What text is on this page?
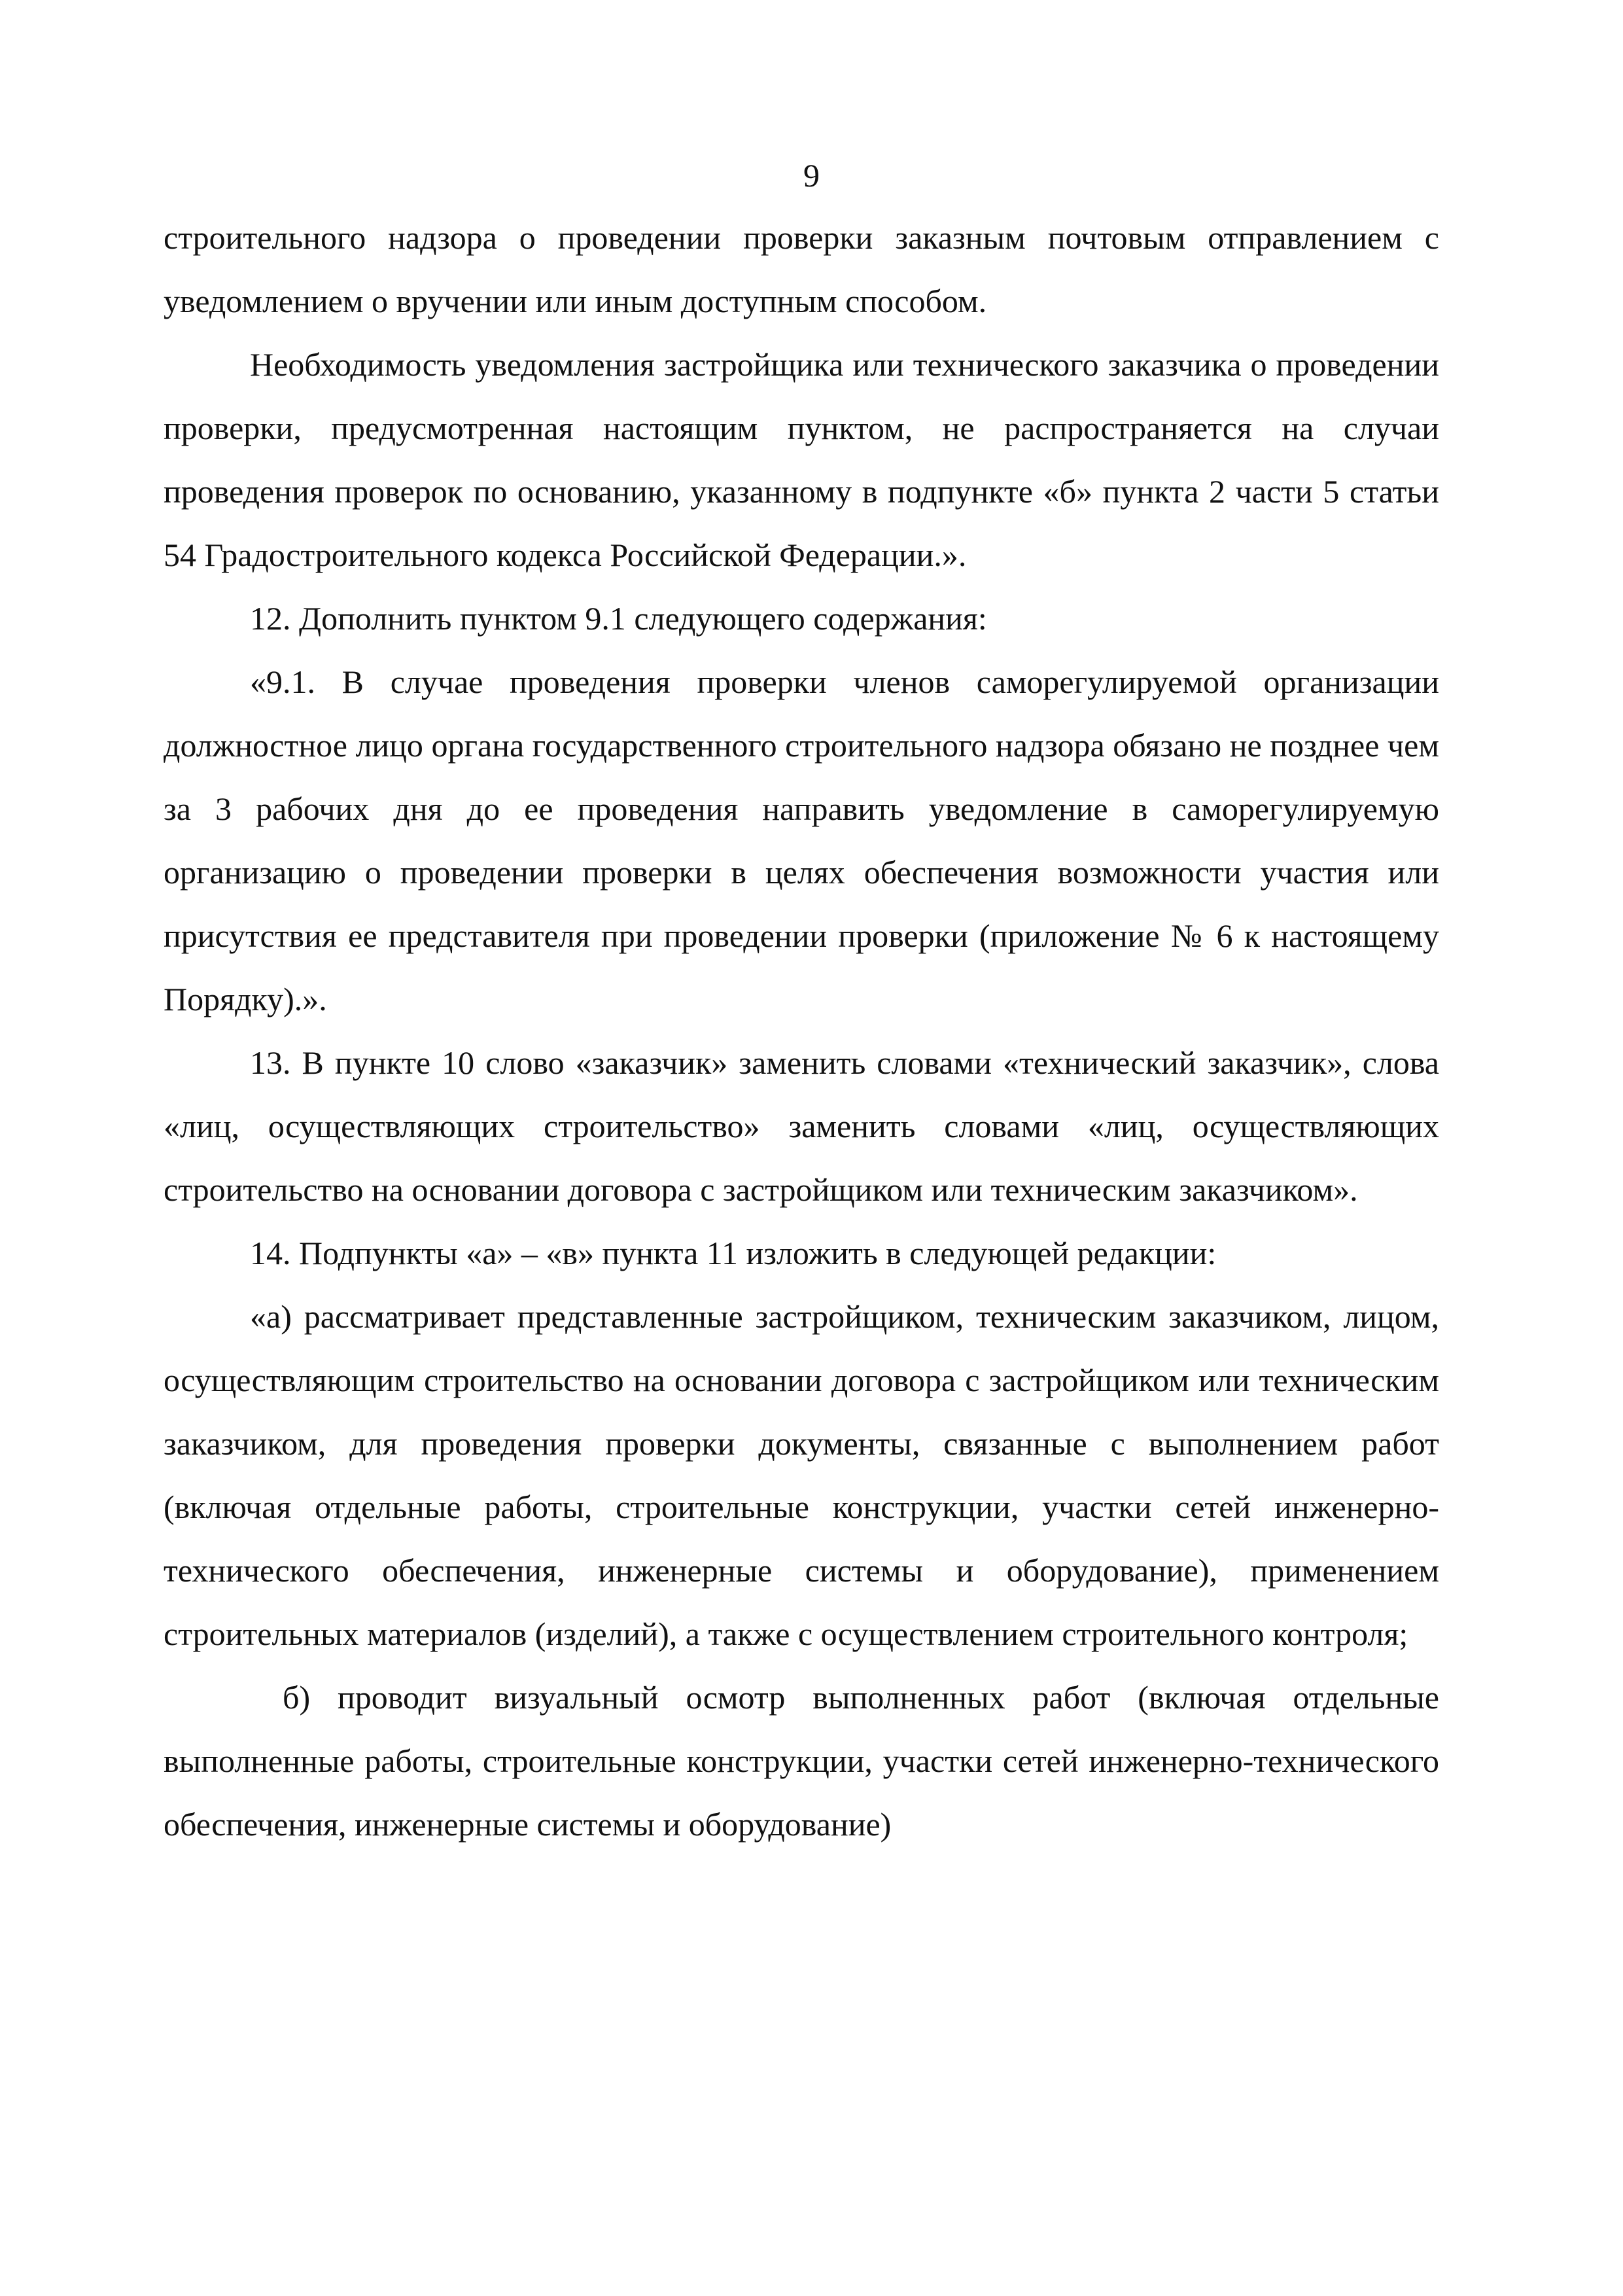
9

строительного надзора о проведении проверки заказным почтовым отправлением с уведомлением о вручении или иным доступным способом.

Необходимость уведомления застройщика или технического заказчика о проведении проверки, предусмотренная настоящим пунктом, не распространяется на случаи проведения проверок по основанию, указанному в подпункте «б» пункта 2 части 5 статьи 54 Градостроительного кодекса Российской Федерации.».

12. Дополнить пунктом 9.1 следующего содержания:

«9.1. В случае проведения проверки членов саморегулируемой организации должностное лицо органа государственного строительного надзора обязано не позднее чем за 3 рабочих дня до ее проведения направить уведомление в саморегулируемую организацию о проведении проверки в целях обеспечения возможности участия или присутствия ее представителя при проведении проверки (приложение № 6 к настоящему Порядку).».

13. В пункте 10 слово «заказчик» заменить словами «технический заказчик», слова «лиц, осуществляющих строительство» заменить словами «лиц, осуществляющих строительство на основании договора с застройщиком или техническим заказчиком».

14. Подпункты «а» – «в» пункта 11 изложить в следующей редакции:

«а) рассматривает представленные застройщиком, техническим заказчиком, лицом, осуществляющим строительство на основании договора с застройщиком или техническим заказчиком, для проведения проверки документы, связанные с выполнением работ (включая отдельные работы, строительные конструкции, участки сетей инженерно-технического обеспечения, инженерные системы и оборудование), применением строительных материалов (изделий), а также с осуществлением строительного контроля;

б) проводит визуальный осмотр выполненных работ (включая отдельные выполненные работы, строительные конструкции, участки сетей инженерно-технического обеспечения, инженерные системы и оборудование)
